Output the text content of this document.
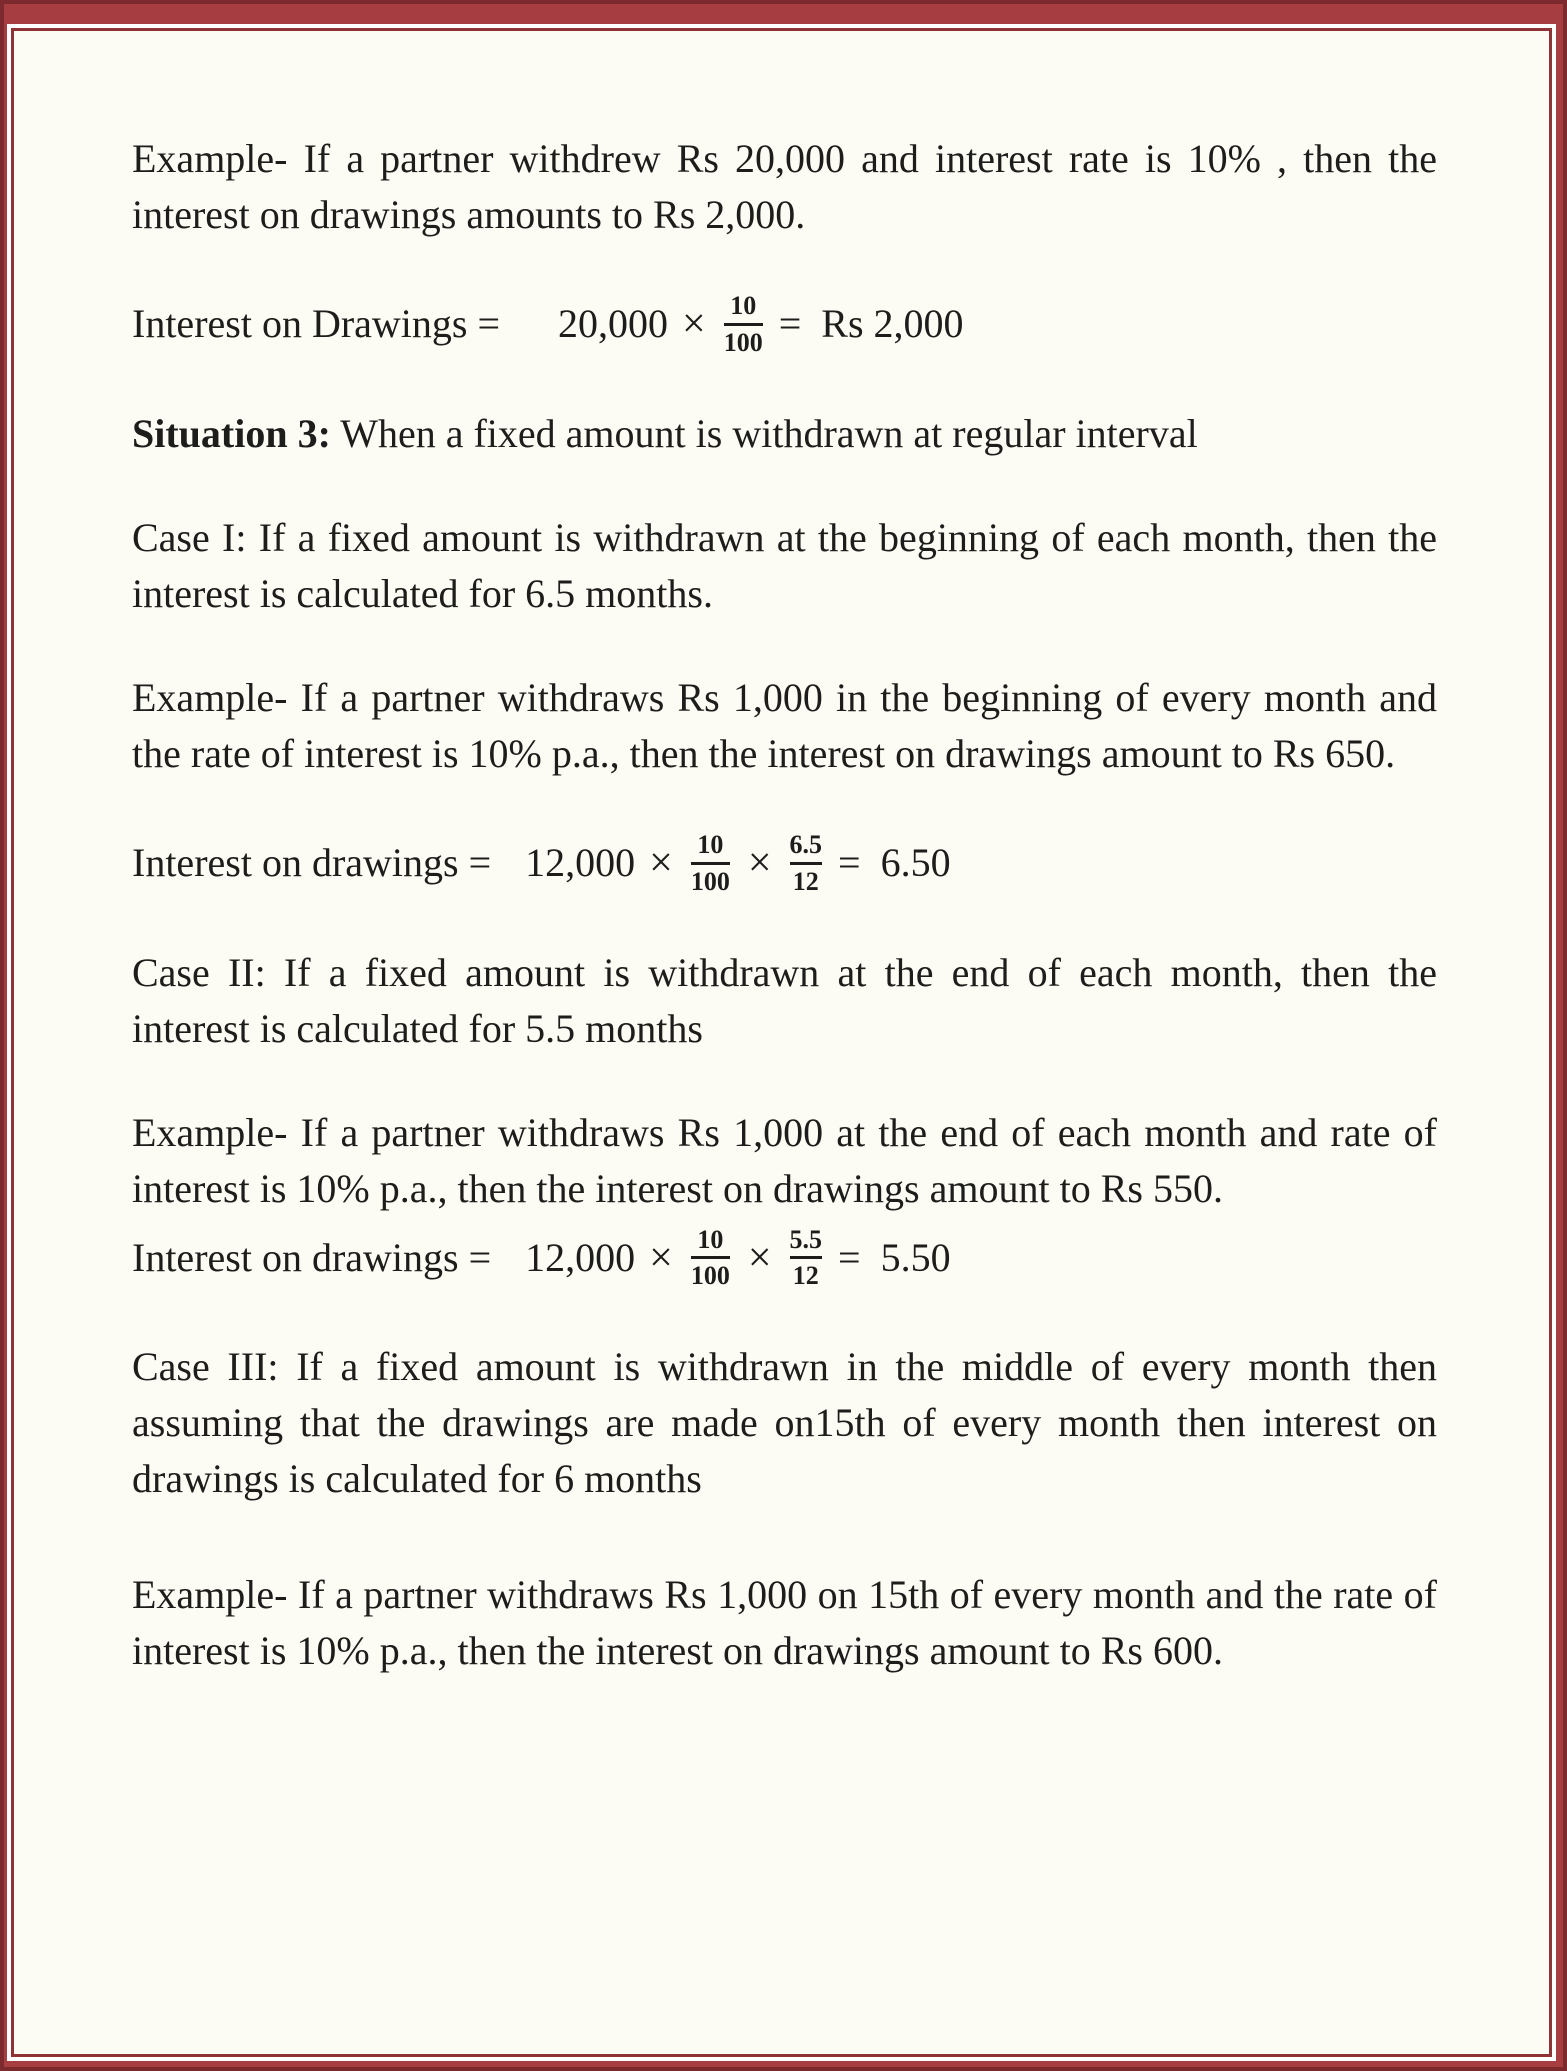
Example- If a partner withdrew Rs 20,000 and interest rate is 10% , then the interest on drawings amounts to Rs 2,000.

Interest on Drawings = $20,000 \times \frac{10}{100} = Rs$ 2,000

Situation 3: When a fixed amount is withdrawn at regular interval

Case I: If a fixed amount is withdrawn at the beginning of each month, then the interest is calculated for 6.5 months.

Example- If a partner withdraws Rs 1,000 in the beginning of every month and the rate of interest is 10% p.a., then the interest on drawings amount to Rs 650.

Interest on drawings = $12,000 \times \frac{10}{100} \times \frac{6.5}{12} = 6.50$

Case II: If a fixed amount is withdrawn at the end of each month, then the interest is calculated for 5.5 months

Example- If a partner withdraws Rs 1,000 at the end of each month and rate of interest is 10% p.a., then the interest on drawings amount to Rs 550.

Interest on drawings = $12,000 \times \frac{10}{100} \times \frac{5.5}{12} = 5.50$

Case III: If a fixed amount is withdrawn in the middle of every month then assuming that the drawings are made on15th of every month then interest on drawings is calculated for 6 months

Example- If a partner withdraws Rs 1,000 on 15th of every month and the rate of interest is 10% p.a., then the interest on drawings amount to Rs 600.
